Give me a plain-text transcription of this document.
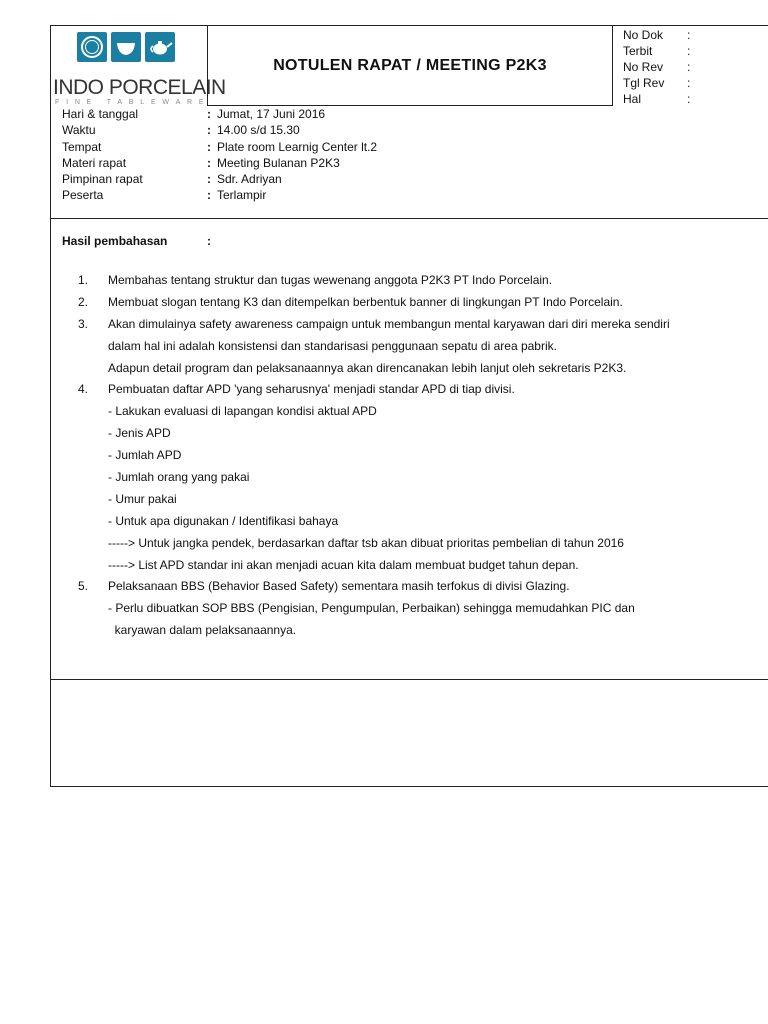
INDO PORCELAIN
FINE TABLEWARE
NOTULEN RAPAT / MEETING P2K3
No Dok	:
Terbit	:
No Rev	:
Tgl Rev	:
Hal	:
Hari & tanggal	: Jumat, 17 Juni 2016
Waktu	: 14.00 s/d 15.30
Tempat	: Plate room Learnig Center lt.2
Materi rapat	: Meeting Bulanan P2K3
Pimpinan rapat	: Sdr. Adriyan
Peserta	: Terlampir
Hasil pembahasan	:
1. Membahas tentang struktur dan tugas wewenang anggota P2K3 PT Indo Porcelain.
2. Membuat slogan tentang K3 dan ditempelkan berbentuk banner di lingkungan PT Indo Porcelain.
3. Akan dimulainya safety awareness campaign untuk membangun mental karyawan dari diri mereka sendiri
dalam hal ini adalah konsistensi dan standarisasi penggunaan sepatu di area pabrik.
Adapun detail program dan pelaksanaannya akan direncanakan lebih lanjut oleh sekretaris P2K3.
4. Pembuatan daftar APD 'yang seharusnya' menjadi standar APD di tiap divisi.
- Lakukan evaluasi di lapangan kondisi aktual APD
- Jenis APD
- Jumlah APD
- Jumlah orang yang pakai
- Umur pakai
- Untuk apa digunakan / Identifikasi bahaya
-----> Untuk jangka pendek, berdasarkan daftar tsb akan dibuat prioritas pembelian di tahun 2016
-----> List APD standar ini akan menjadi acuan kita dalam membuat budget tahun depan.
5. Pelaksanaan BBS (Behavior Based Safety) sementara masih terfokus di divisi Glazing.
- Perlu dibuatkan SOP BBS (Pengisian, Pengumpulan, Perbaikan) sehingga memudahkan PIC dan
karyawan dalam pelaksanaannya.
